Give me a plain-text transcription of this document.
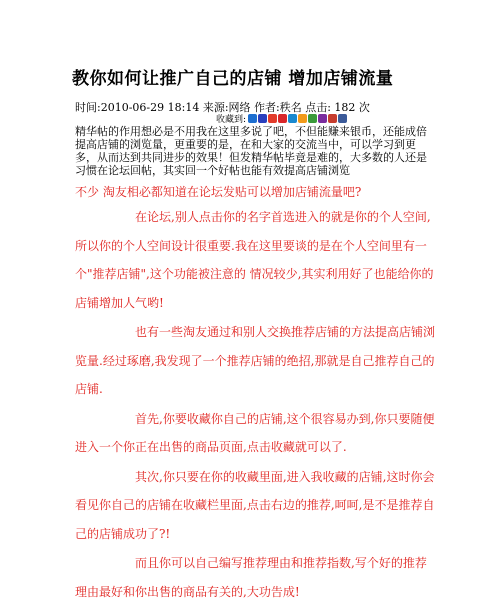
教你如何让推广自己的店铺 增加店铺流量
时间:2010-06-29 18:14 来源:网络 作者:秩名 点击: 182 次
收藏到:
精华帖的作用想必是不用我在这里多说了吧，不但能赚来银币，还能成倍提高店铺的浏览量，更重要的是，在和大家的交流当中，可以学习到更多，从而达到共同进步的效果！但发精华帖毕竟是难的，大多数的人还是习惯在论坛回帖，其实回一个好帖也能有效提高店铺浏览
不少 淘友相必都知道在论坛发贴可以增加店铺流量吧?

在论坛,别人点击你的名字首选进入的就是你的个人空间,所以你的个人空间设计很重要.我在这里要谈的是在个人空间里有一个"推荐店铺",这个功能被注意的 情况较少,其实利用好了也能给你的店铺增加人气哟!

也有一些淘友通过和别人交换推荐店铺的方法提高店铺浏览量.经过琢磨,我发现了一个推荐店铺的绝招,那就是自己推荐自己的店铺.

首先,你要收藏你自己的店铺,这个很容易办到,你只要随便进入一个你正在出售的商品页面,点击收藏就可以了.

其次,你只要在你的收藏里面,进入我收藏的店铺,这时你会看见你自己的店铺在收藏栏里面,点击右边的推荐,呵呵,是不是推荐自己的店铺成功了?!

而且你可以自己编写推荐理由和推荐指数,写个好的推荐理由最好和你出售的商品有关的,大功告成!
